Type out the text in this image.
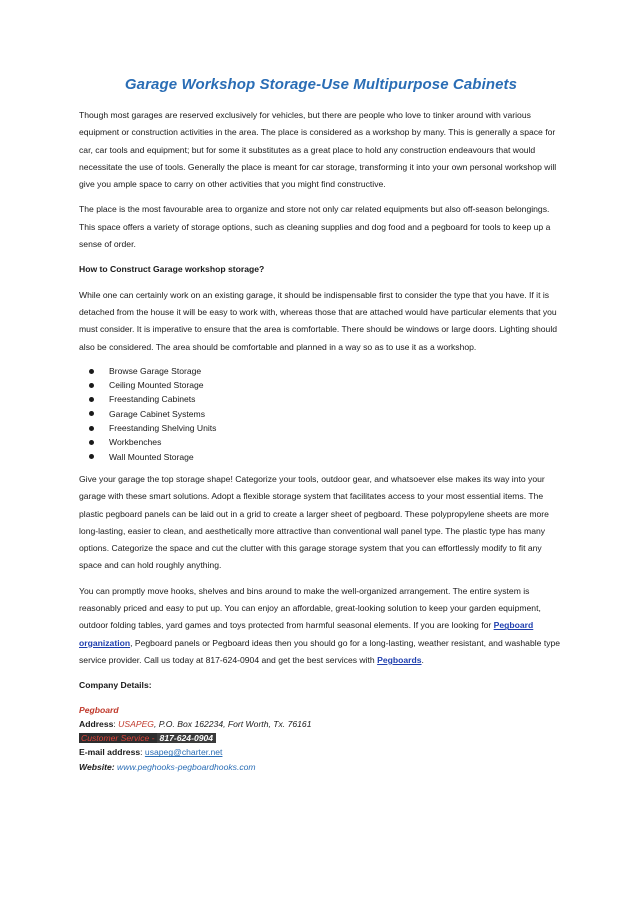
Garage Workshop Storage-Use Multipurpose Cabinets

Though most garages are reserved exclusively for vehicles, but there are people who love to tinker around with various equipment or construction activities in the area. The place is considered as a workshop by many. This is generally a space for car, car tools and equipment; but for some it substitutes as a great place to hold any construction endeavours that would necessitate the use of tools. Generally the place is meant for car storage, transforming it into your own personal workshop will give you ample space to carry on other activities that you might find constructive.

The place is the most favourable area to organize and store not only car related equipments but also off-season belongings. This space offers a variety of storage options, such as cleaning supplies and dog food and a pegboard for tools to keep up a sense of order.

How to Construct Garage workshop storage?

While one can certainly work on an existing garage, it should be indispensable first to consider the type that you have. If it is detached from the house it will be easy to work with, whereas those that are attached would have particular elements that you must consider. It is imperative to ensure that the area is comfortable. There should be windows or large doors. Lighting should also be considered. The area should be comfortable and planned in a way so as to use it as a workshop.

Browse Garage Storage
Ceiling Mounted Storage
Freestanding Cabinets
Garage Cabinet Systems
Freestanding Shelving Units
Workbenches
Wall Mounted Storage

Give your garage the top storage shape! Categorize your tools, outdoor gear, and whatsoever else makes its way into your garage with these smart solutions. Adopt a flexible storage system that facilitates access to your most essential items. The plastic pegboard panels can be laid out in a grid to create a larger sheet of pegboard. These polypropylene sheets are more long-lasting, easier to clean, and aesthetically more attractive than conventional wall panel type. The plastic type has many options. Categorize the space and cut the clutter with this garage storage system that you can effortlessly modify to fit any space and can hold roughly anything.

You can promptly move hooks, shelves and bins around to make the well-organized arrangement. The entire system is reasonably priced and easy to put up. You can enjoy an affordable, great-looking solution to keep your garden equipment, outdoor folding tables, yard games and toys protected from harmful seasonal elements. If you are looking for Pegboard organization, Pegboard panels or Pegboard ideas then you should go for a long-lasting, weather resistant, and washable type service provider. Call us today at 817-624-0904 and get the best services with Pegboards.

Company Details:

Pegboard
Address: USAPEG, P.O. Box 162234, Fort Worth, Tx. 76161
Customer Service - 817-624-0904
E-mail address: usapeg@charter.net
Website: www.peghooks-pegboardhooks.com
